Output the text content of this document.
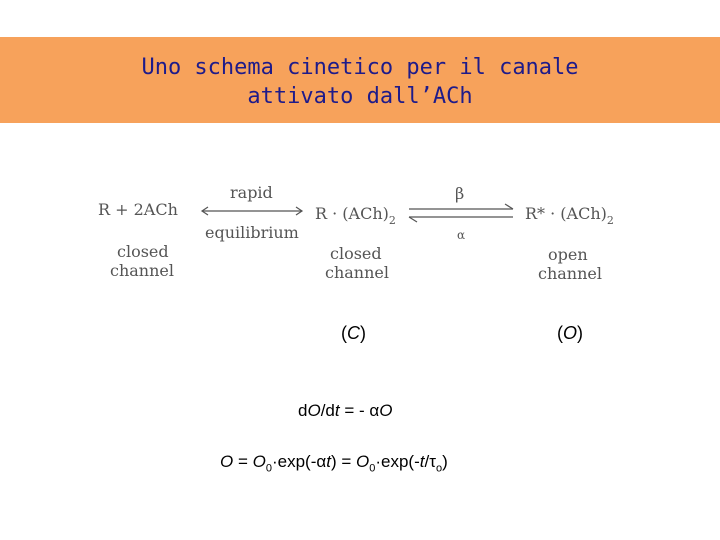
Uno schema cinetico per il canale
attivato dall’ACh
R + 2ACh
closed
channel
rapid
equilibrium
$R \cdot (ACh)_2$
closed
channel
β
α
$R* \cdot (ACh)_2$
open
channel
(C)	(O)
dO/dt = - αO
$O = O_0\cdot\exp(-\alpha t) = O_0\cdot\exp(-t/\tau_o)$
